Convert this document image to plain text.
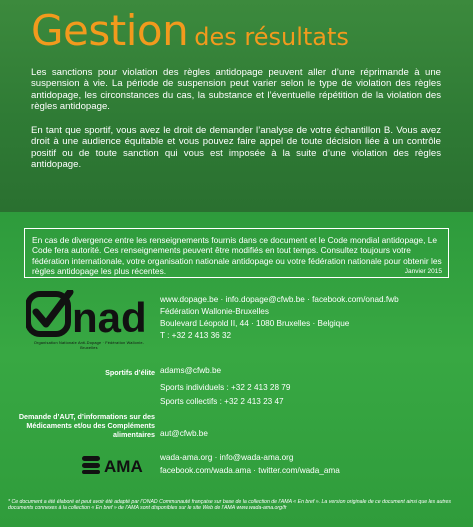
Gestion des résultats
Les sanctions pour violation des règles antidopage peuvent aller d’une réprimande à une suspension à vie. La période de suspension peut varier selon le type de violation des règles antidopage, les circonstances du cas, la substance et l’éventuelle répétition de la violation des règles antidopage.
En tant que sportif, vous avez le droit de demander l’analyse de votre échantillon B. Vous avez droit à une audience équitable et vous pouvez faire appel de toute décision liée à un contrôle positif ou de toute sanction qui vous est imposée à la suite d’une violation des règles antidopage.
En cas de divergence entre les renseignements fournis dans ce document et le Code mondial antidopage, Le Code fera autorité. Ces renseignements peuvent être modifiés en tout temps. Consultez toujours votre fédération internationale, votre organisation nationale antidopage ou votre fédération nationale pour obtenir les règles antidopage les plus récentes.	Janvier 2015
nad
Organisation Nationale Anti-Dopage · Fédération Wallonie-Bruxelles
www.dopage.be · info.dopage@cfwb.be · facebook.com/onad.fwb
Fédération Wallonie-Bruxelles
Boulevard Léopold II, 44 · 1080 Bruxelles · Belgique
T : +32 2 413 36 32
Sportifs d’élite adams@cfwb.be
Sports individuels : +32 2 413 28 79
Sports collectifs : +32 2 413 23 47
Demande d’AUT, d’informations sur des Médicaments et/ou des Compléments alimentaires aut@cfwb.be
AMA wada-ama.org · info@wada-ama.org
facebook.com/wada.ama · twitter.com/wada_ama
* Ce document a été élaboré et peut avoir été adapté par l’ONAD Communauté française sur base de la collection de l’AMA « En bref ». La version originale de ce document ainsi que les autres documents connexes à la collection « En bref » de l’AMA sont disponibles sur le site Web de l’AMA www.wada-ama.org/fr
